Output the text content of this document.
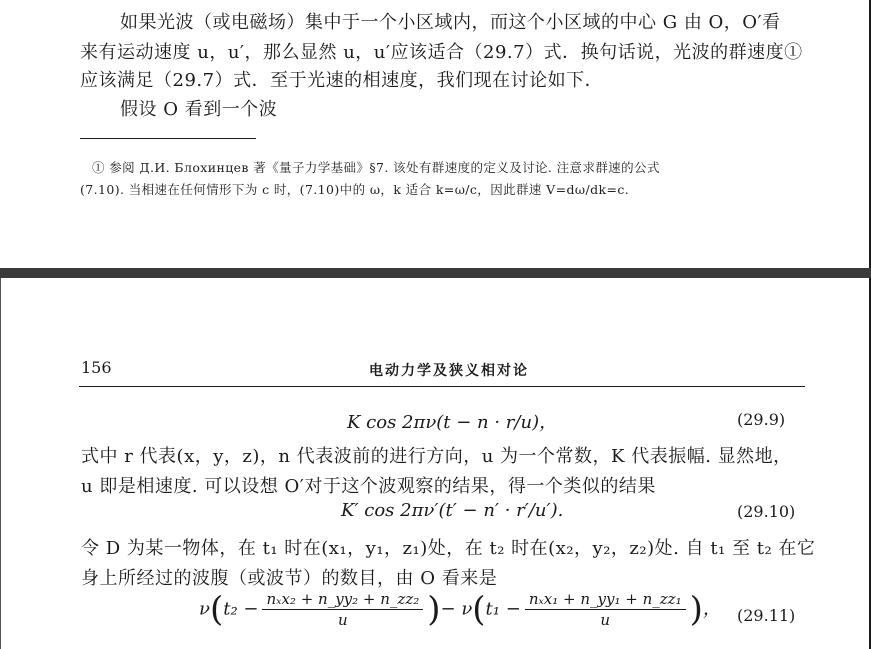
如果光波（或电磁场）集中于一个小区域内，而这个小区域的中心 G 由 O，O′看
来有运动速度 u，u′，那么显然 u，u′应该适合（29.7）式．换句话说，光波的群速度①
应该满足（29.7）式．至于光速的相速度，我们现在讨论如下．
假设 O 看到一个波
① 参阅 Д.И. Блохинцев 著《量子力学基础》§7. 该处有群速度的定义及讨论. 注意求群速的公式
(7.10). 当相速在任何情形下为 c 时，(7.10)中的 ω，k 适合 k=ω/c，因此群速 V=dω/dk=c.
156	电动力学及狭义相对论
K cos 2πν(t − n · r/u)，	(29.9)
式中 r 代表(x，y，z)，n 代表波前的进行方向，u 为一个常数，K 代表振幅. 显然地，
u 即是相速度. 可以设想 O′对于这个波观察的结果，得一个类似的结果
K′ cos 2πν′(t′ − n′ · r′/u′).	(29.10)
令 D 为某一物体，在 t₁ 时在(x₁，y₁，z₁)处，在 t₂ 时在(x₂，y₂，z₂)处. 自 t₁ 至 t₂ 在它
身上所经过的波腹（或波节）的数目，由 O 看来是
$\nu(t_2 - \frac{\text{nₓx₂ + n\_yy₂ + n\_zz₂}}{u}$ )− $\nu(t_1 - \frac{\text{nₓx₁ + n\_yy₁ + n\_zz₁}}{u}$ )， (29.11)
